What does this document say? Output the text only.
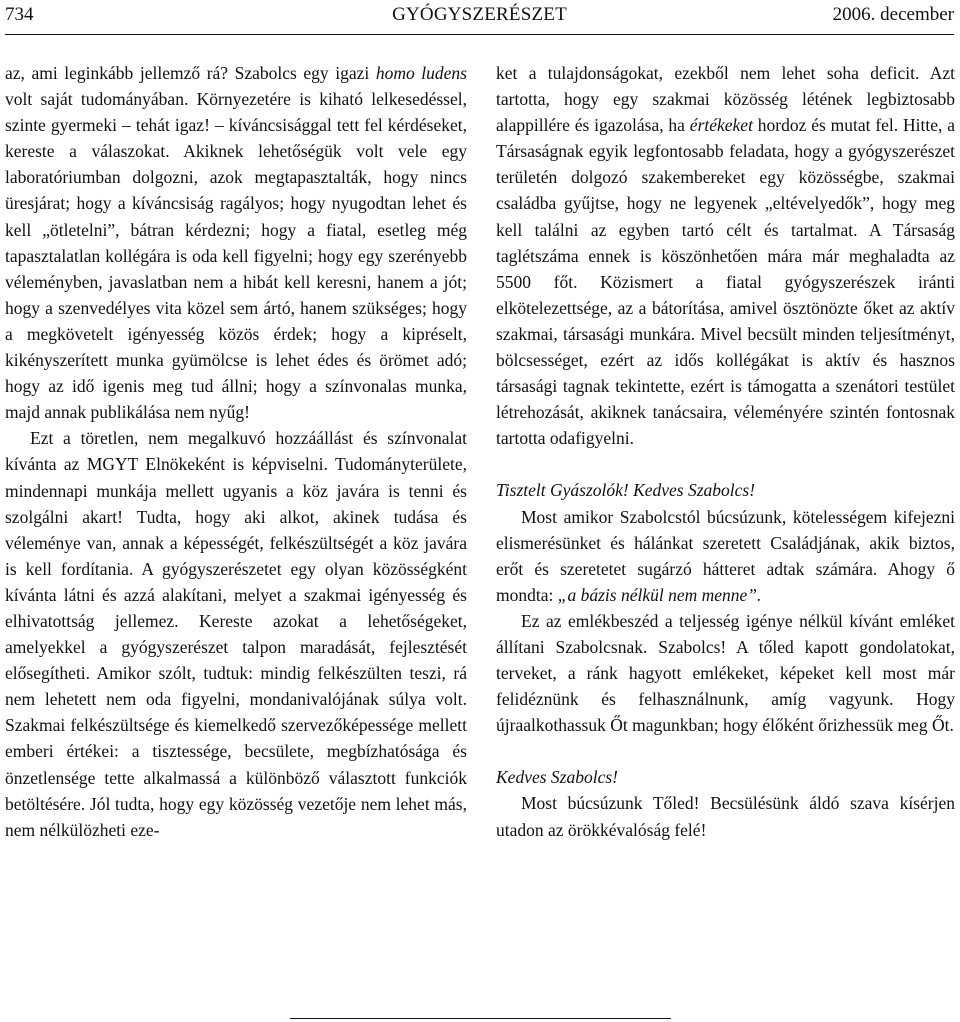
734	GYÓGYSZERÉSZET	2006. december

az, ami leginkább jellemző rá? Szabolcs egy igazi homo ludens volt saját tudományában. Környezetére is kiható lelkesedéssel, szinte gyermeki – tehát igaz! – kíváncsisággal tett fel kérdéseket, kereste a válaszokat. Akiknek lehetőségük volt vele egy laboratóriumban dolgozni, azok megtapasztalták, hogy nincs üresjárat; hogy a kíváncsiság ragályos; hogy nyugodtan lehet és kell „ötletelni”, bátran kérdezni; hogy a fiatal, esetleg még tapasztalatlan kollégára is oda kell figyelni; hogy egy szerényebb véleményben, javaslatban nem a hibát kell keresni, hanem a jót; hogy a szenvedélyes vita közel sem ártó, hanem szükséges; hogy a megkövetelt igényesség közös érdek; hogy a kipréselt, kikényszerített munka gyümölcse is lehet édes és örömet adó; hogy az idő igenis meg tud állni; hogy a színvonalas munka, majd annak publikálása nem nyűg!

Ezt a töretlen, nem megalkuvó hozzáállást és színvonalat kívánta az MGYT Elnökeként is képviselni. Tudományterülete, mindennapi munkája mellett ugyanis a köz javára is tenni és szolgálni akart! Tudta, hogy aki alkot, akinek tudása és véleménye van, annak a képességét, felkészültségét a köz javára is kell fordítania. A gyógyszerészetet egy olyan közösségként kívánta látni és azzá alakítani, melyet a szakmai igényesség és elhivatottság jellemez. Kereste azokat a lehetőségeket, amelyekkel a gyógyszerészet talpon maradását, fejlesztését elősegítheti. Amikor szólt, tudtuk: mindig felkészülten teszi, rá nem lehetett nem oda figyelni, mondanivalójának súlya volt. Szakmai felkészültsége és kiemelkedő szervezőképessége mellett emberi értékei: a tisztessége, becsülete, megbízhatósága és önzetlensége tette alkalmassá a különböző választott funkciók betöltésére. Jól tudta, hogy egy közösség vezetője nem lehet más, nem nélkülözheti eze-

ket a tulajdonságokat, ezekből nem lehet soha deficit. Azt tartotta, hogy egy szakmai közösség létének legbiztosabb alappillére és igazolása, ha értékeket hordoz és mutat fel. Hitte, a Társaságnak egyik legfontosabb feladata, hogy a gyógyszerészet területén dolgozó szakembereket egy közösségbe, szakmai családba gyűjtse, hogy ne legyenek „eltévelyedők”, hogy meg kell találni az egyben tartó célt és tartalmat. A Társaság taglétszáma ennek is köszönhetően mára már meghaladta az 5500 főt. Közismert a fiatal gyógyszerészek iránti elkötelezettsége, az a bátorítása, amivel ösztönözte őket az aktív szakmai, társasági munkára. Mivel becsült minden teljesítményt, bölcsességet, ezért az idős kollégákat is aktív és hasznos társasági tagnak tekintette, ezért is támogatta a szenátori testület létrehozását, akiknek tanácsaira, véleményére szintén fontosnak tartotta odafigyelni.

Tisztelt Gyászolók! Kedves Szabolcs!

Most amikor Szabolcstól búcsúzunk, kötelességem kifejezni elismerésünket és hálánkat szeretett Családjának, akik biztos, erőt és szeretetet sugárzó hátteret adtak számára. Ahogy ő mondta: „a bázis nélkül nem menne”.

Ez az emlékbeszéd a teljesség igénye nélkül kívánt emléket állítani Szabolcsnak. Szabolcs! A tőled kapott gondolatokat, terveket, a ránk hagyott emlékeket, képeket kell most már felidéznünk és felhasználnunk, amíg vagyunk. Hogy újraalkothassuk Őt magunkban; hogy élőként őrizhessük meg Őt.

Kedves Szabolcs!

Most búcsúzunk Tőled! Becsülésünk áldó szava kísérjen utadon az örökkévalóság felé!
